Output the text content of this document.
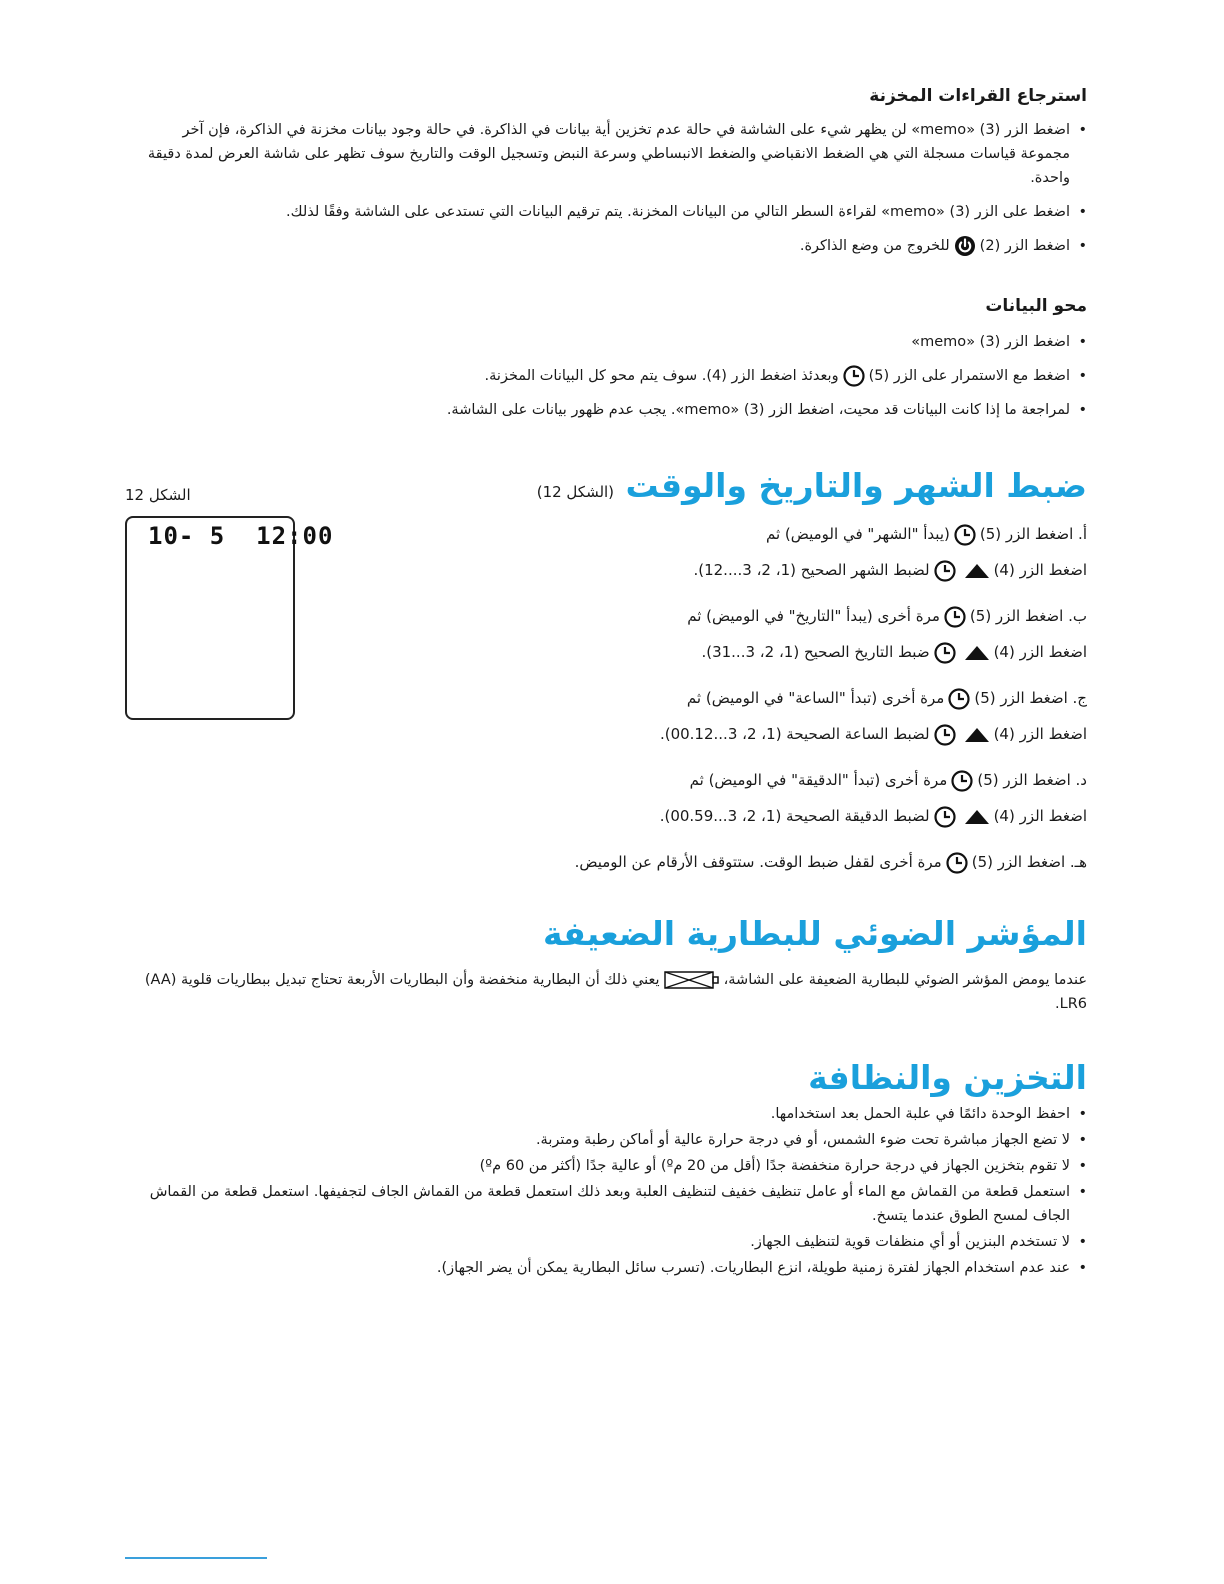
استرجاع القراءات المخزنة
• اضغط الزر (3) «memo» لن يظهر شيء على الشاشة في حالة عدم تخزين أية بيانات في الذاكرة. في حالة وجود بيانات مخزنة في الذاكرة، فإن آخر مجموعة قياسات مسجلة التي هي الضغط الانقباضي والضغط الانبساطي وسرعة النبض وتسجيل الوقت والتاريخ سوف تظهر على شاشة العرض لمدة دقيقة واحدة.
• اضغط على الزر (3) «memo» لقراءة السطر التالي من البيانات المخزنة. يتم ترقيم البيانات التي تستدعى على الشاشة وفقًا لذلك.
• اضغط الزر (2)
للخروج من وضع الذاكرة.
محو البيانات
• اضغط الزر (3) «memo»
• اضغط مع الاستمرار على الزر (5)
وبعدئذ اضغط الزر (4). سوف يتم محو كل البيانات المخزنة.
• لمراجعة ما إذا كانت البيانات قد محيت، اضغط الزر (3) «memo». يجب عدم ظهور بيانات على الشاشة.
ضبط الشهر والتاريخ والوقت (الشكل 12)
الشكل 12
10- 5  12:00	أ. اضغط الزر (5)
(يبدأ "الشهر" في الوميض) ثم
اضغط الزر (4)
لضبط الشهر الصحيح (1، 2، 3....12).
ب. اضغط الزر (5)
مرة أخرى (يبدأ "التاريخ" في الوميض) ثم
اضغط الزر (4)
ضبط التاريخ الصحيح (1، 2، 3...31).
ج. اضغط الزر (5)
مرة أخرى (تبدأ "الساعة" في الوميض) ثم
اضغط الزر (4)
لضبط الساعة الصحيحة (1، 2، 3...00.12).
د. اضغط الزر (5)
مرة أخرى (تبدأ "الدقيقة" في الوميض) ثم
اضغط الزر (4)
لضبط الدقيقة الصحيحة (1، 2، 3...00.59).
هـ. اضغط الزر (5)
مرة أخرى لقفل ضبط الوقت. ستتوقف الأرقام عن الوميض.
المؤشر الضوئي للبطارية الضعيفة
عندما يومض المؤشر الضوئي للبطارية الضعيفة على الشاشة،
يعني ذلك أن البطارية منخفضة وأن البطاريات الأربعة تحتاج تبديل ببطاريات قلوية (AA) LR6.
التخزين والنظافة
• احفظ الوحدة دائمًا في علبة الحمل بعد استخدامها.
• لا تضع الجهاز مباشرة تحت ضوء الشمس، أو في درجة حرارة عالية أو أماكن رطبة ومتربة.
• لا تقوم بتخزين الجهاز في درجة حرارة منخفضة جدًا (أقل من 20 مº) أو عالية جدًا (أكثر من 60 مº)
• استعمل قطعة من القماش مع الماء أو عامل تنظيف خفيف لتنظيف العلبة وبعد ذلك استعمل قطعة من القماش الجاف لتجفيفها. استعمل قطعة من القماش الجاف لمسح الطوق عندما يتسخ.
• لا تستخدم البنزين أو أي منظفات قوية لتنظيف الجهاز.
• عند عدم استخدام الجهاز لفترة زمنية طويلة، انزع البطاريات. (تسرب سائل البطارية يمكن أن يضر الجهاز).
